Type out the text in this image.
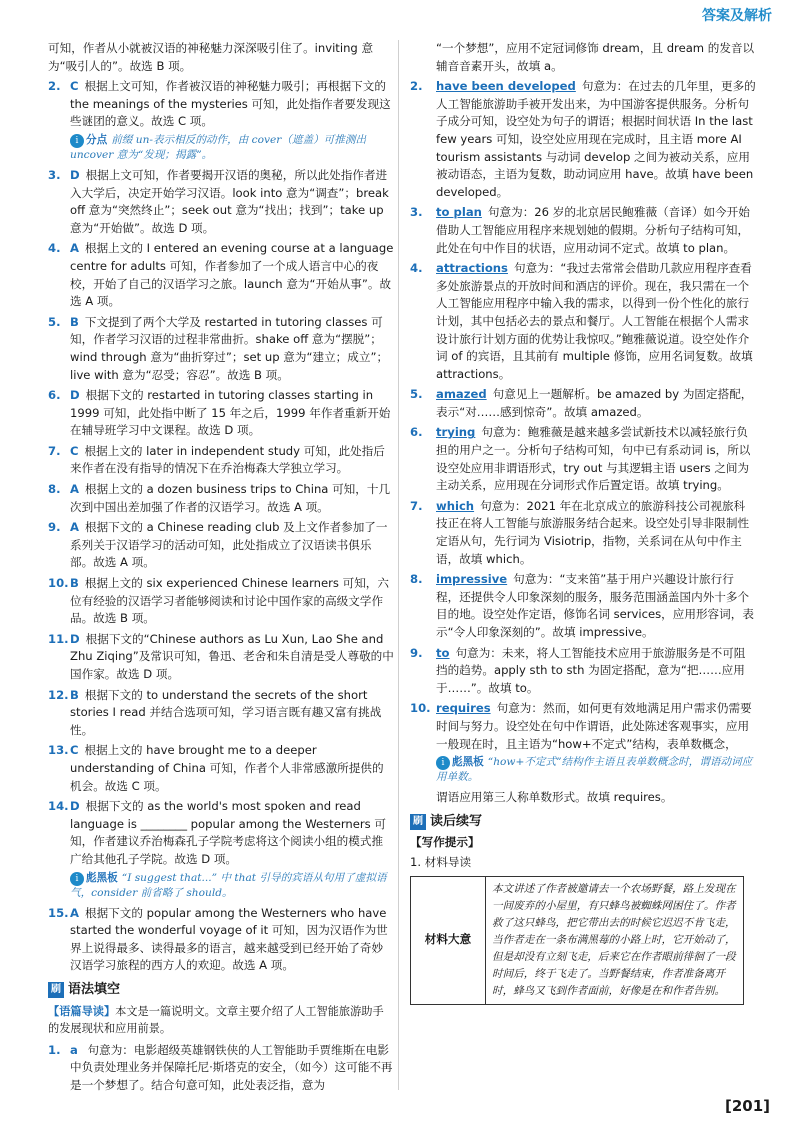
答案及解析
可知，作者从小就被汉语的神秘魅力深深吸引住了。inviting 意为“吸引人的”。故选 B 项。
2. C 根据上文可知，作者被汉语的神秘魅力吸引；再根据下文的 the meanings of the mysteries 可知，此处指作者要发现这些谜团的意义。故选 C 项。
i 分点 前缀 un-表示相反的动作，由 cover（遮盖）可推测出 uncover 意为“发现；揭露”。
3. D 根据上文可知，作者要揭开汉语的奥秘，所以此处指作者进入大学后，决定开始学习汉语。look into 意为“调查”；break off 意为“突然终止”；seek out 意为“找出；找到”；take up 意为“开始做”。故选 D 项。
4. A 根据上文的 I entered an evening course at a language centre for adults 可知，作者参加了一个成人语言中心的夜校，开始了自己的汉语学习之旅。launch 意为“开始从事”。故选 A 项。
5. B 下文提到了两个大学及 restarted in tutoring classes 可知，作者学习汉语的过程非常曲折。shake off 意为“摆脱”；wind through 意为“曲折穿过”；set up 意为“建立；成立”；live with 意为“忍受；容忍”。故选 B 项。
6. D 根据下文的 restarted in tutoring classes starting in 1999 可知，此处指中断了 15 年之后，1999 年作者重新开始在辅导班学习中文课程。故选 D 项。
7. C 根据上文的 later in independent study 可知，此处指后来作者在没有指导的情况下在乔治梅森大学独立学习。
8. A 根据上文的 a dozen business trips to China 可知，十几次到中国出差加强了作者的汉语学习。故选 A 项。
9. A 根据下文的 a Chinese reading club 及上文作者参加了一系列关于汉语学习的活动可知，此处指成立了汉语读书俱乐部。故选 A 项。
10. B 根据上文的 six experienced Chinese learners 可知，六位有经验的汉语学习者能够阅读和讨论中国作家的高级文学作品。故选 B 项。
11. D 根据下文的“Chinese authors as Lu Xun, Lao She and Zhu Ziqing”及常识可知，鲁迅、老舍和朱自清是受人尊敬的中国作家。故选 D 项。
12. B 根据下文的 to understand the secrets of the short stories I read 并结合选项可知，学习语言既有趣又富有挑战性。
13. C 根据上文的 have brought me to a deeper understanding of China 可知，作者个人非常感激所提供的机会。故选 C 项。
14. D 根据下文的 as the world's most spoken and read language is ________ popular among the Westerners 可知，作者建议乔治梅森孔子学院考虑将这个阅读小组的模式推广给其他孔子学院。故选 D 项。
i 彪黑板 “I suggest that...” 中 that 引导的宾语从句用了虚拟语气，consider 前省略了 should。
15. A 根据下文的 popular among the Westerners who have started the wonderful voyage of it 可知，因为汉语作为世界上说得最多、读得最多的语言，越来越受到已经开始了奇妙汉语学习旅程的西方人的欢迎。故选 A 项。
刷 语法填空
【语篇导读】本文是一篇说明文。文章主要介绍了人工智能旅游助手的发展现状和应用前景。
1. a 句意为：电影超级英雄钢铁侠的人工智能助手贾维斯在电影中负责处理业务并保障托尼·斯塔克的安全，（如今）这可能不再是一个梦想了。结合句意可知，此处表泛指，意为
“一个梦想”，应用不定冠词修饰 dream，且 dream 的发音以辅音音素开头，故填 a。
2. have been developed 句意为：在过去的几年里，更多的人工智能旅游助手被开发出来，为中国游客提供服务。分析句子成分可知，设空处为句子的谓语；根据时间状语 In the last few years 可知，设空处应用现在完成时，且主语 more AI tourism assistants 与动词 develop 之间为被动关系，应用被动语态，主语为复数，助动词应用 have。故填 have been developed。
3. to plan 句意为：26 岁的北京居民鲍雅薇（音译）如今开始借助人工智能应用程序来规划她的假期。分析句子结构可知，此处在句中作目的状语，应用动词不定式。故填 to plan。
4. attractions 句意为：“我过去常常会借助几款应用程序查看多处旅游景点的开放时间和酒店的评价。现在，我只需在一个人工智能应用程序中输入我的需求，以得到一份个性化的旅行计划，其中包括必去的景点和餐厅。人工智能在根据个人需求设计旅行计划方面的优势让我惊叹。”鲍雅薇说道。设空处作介词 of 的宾语，且其前有 multiple 修饰，应用名词复数。故填 attractions。
5. amazed 句意见上一题解析。be amazed by 为固定搭配，表示“对……感到惊奇”。故填 amazed。
6. trying 句意为：鲍雅薇是越来越多尝试新技术以减轻旅行负担的用户之一。分析句子结构可知，句中已有系动词 is，所以设空处应用非谓语形式，try out 与其逻辑主语 users 之间为主动关系，应用现在分词形式作后置定语。故填 trying。
7. which 句意为：2021 年在北京成立的旅游科技公司视旅科技正在将人工智能与旅游服务结合起来。设空处引导非限制性定语从句，先行词为 Visiotrip，指物，关系词在从句中作主语，故填 which。
8. impressive 句意为：“支来笛”基于用户兴趣设计旅行行程，还提供令人印象深刻的服务，服务范围涵盖国内外十多个目的地。设空处作定语，修饰名词 services，应用形容词，表示“令人印象深刻的”。故填 impressive。
9. to 句意为：未来，将人工智能技术应用于旅游服务是不可阻挡的趋势。apply sth to sth 为固定搭配，意为“把……应用于……”。故填 to。
10. requires 句意为：然而，如何更有效地满足用户需求仍需要时间与努力。设空处在句中作谓语，此处陈述客观事实，应用一般现在时，且主语为“how+不定式”结构，表单数概念，
i 彪黑板 “how+不定式”结构作主语且表单数概念时，谓语动词应用单数。
谓语应用第三人称单数形式。故填 requires。
刷 读后续写
【写作提示】
1. 材料导读
材料大意	本文讲述了作者被邀请去一个农场野餐，路上发现在一间废弃的小屋里，有只蜂鸟被蜘蛛网困住了。作者救了这只蜂鸟，把它带出去的时候它迟迟不肯飞走，当作者走在一条布满黑莓的小路上时，它开始动了，但是却没有立刻飞走，后来它在作者眼前徘徊了一段时间后，终于飞走了。当野餐结束，作者准备离开时，蜂鸟又飞到作者面前，好像是在和作者告别。
[ 201 ]
